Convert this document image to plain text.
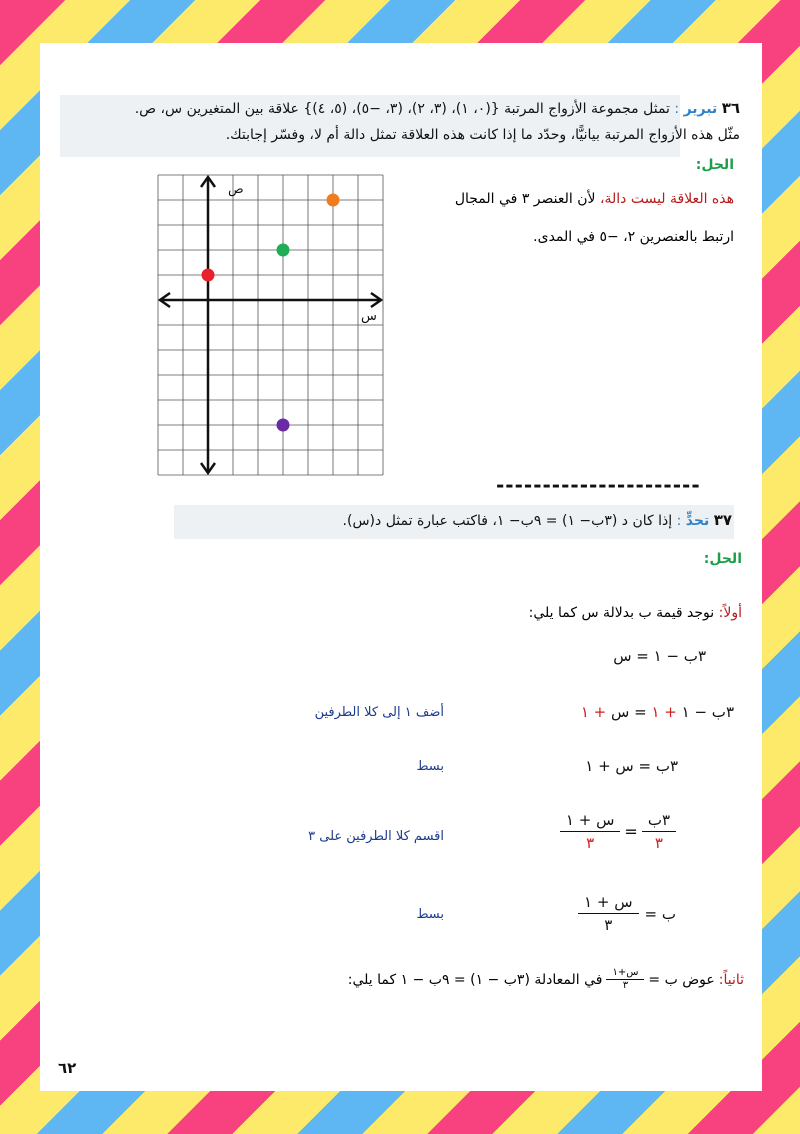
٣٦ تبرير : تمثل مجموعة الأزواج المرتبة {(٠، ١)، (٣، ٢)، (٣، −٥)، (٥، ٤)} علاقة بين المتغيرين س، ص.
مثّل هذه الأزواج المرتبة بيانيًّا، وحدّد ما إذا كانت هذه العلاقة تمثل دالة أم لا، وفسّر إجابتك.
الحل:
ص
س
هذه العلاقة ليست دالة، لأن العنصر ٣ في المجال
ارتبط بالعنصرين ٢، −٥ في المدى.
----------------------
٣٧ تحدٍّ : إذا كان د (٣ب− ١) = ٩ب− ١، فاكتب عبارة تمثل د(س).
الحل:
أولاً: نوجد قيمة ب بدلالة س كما يلي:
٣ب − ١ = س
٣ب − ١ + ١ = س + ١
أضف ١ إلى كلا الطرفين
٣ب = س + ١
بسط
$\frac{\text{٣ب}}{٣}$
=
$\frac{\text{س + ١}}{٣}$
اقسم كلا الطرفين على ٣
ب =
$\frac{\text{س + ١}}{٣}$
بسط
ثانياً:
عوض ب =
$\frac{\text{س+١}}{٣}$
في المعادلة (٣ب − ١) = ٩ب − ١ كما يلي:
٦٢
